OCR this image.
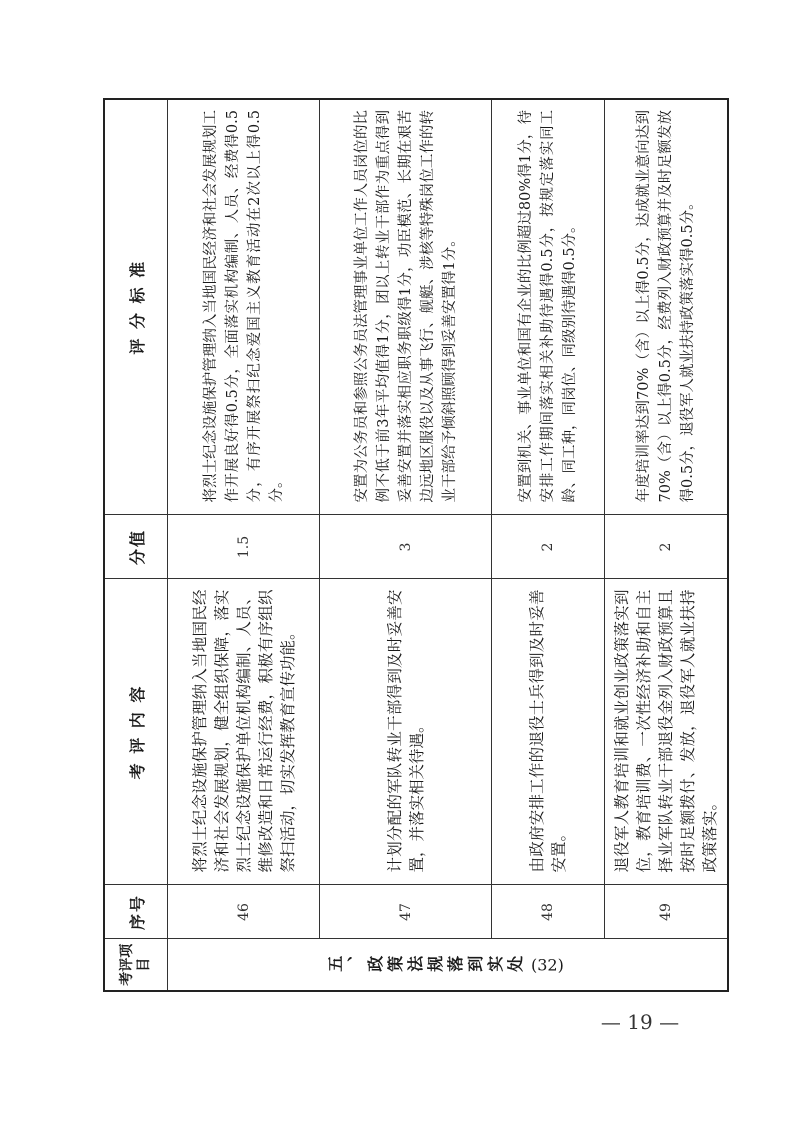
考评项目	序号	考 评 内 容	分值	评 分 标 准
五、政策法规落到实处 (32)	46	将烈士纪念设施保护管理纳入当地国民经济和社会发展规划，健全组织保障，落实烈士纪念设施保护单位机构编制、人员、维修改造和日常运行经费，积极有序组织祭扫活动，切实发挥教育宣传功能。	1.5	将烈士纪念设施保护管理纳入当地国民经济和社会发展规划工作开展良好得0.5分，全面落实机构编制、人员、经费得0.5分，有序开展祭扫纪念爱国主义教育活动在2次以上得0.5分。
	47	计划分配的军队转业干部得到及时妥善安置，并落实相关待遇。	3	安置为公务员和参照公务员法管理事业单位工作人员岗位的比例不低于前3年平均值得1分，团以上转业干部作为重点得到妥善安置并落实相应职务职级得1分，功臣模范、长期在艰苦边远地区服役以及从事飞行、舰艇、涉核等特殊岗位工作的转业干部给予倾斜照顾得到妥善安置得1分。
	48	由政府安排工作的退役士兵得到及时妥善安置。	2	安置到机关、事业单位和国有企业的比例超过80%得1分，待安排工作期间落实相关补助待遇得0.5分，按规定落实同工龄、同工种，同岗位、同级别待遇得0.5分。
	49	退役军人教育培训和就业创业政策落实到位，教育培训费、一次性经济补助和自主择业军队转业干部退役金列入财政预算且按时足额拨付、发放，退役军人就业扶持政策落实。	2	年度培训率达到70%（含）以上得0.5分，达成就业意向达到70%（含）以上得0.5分，经费列入财政预算并及时足额发放得0.5分，退役军人就业扶持政策落实得0.5分。
— 19 —
